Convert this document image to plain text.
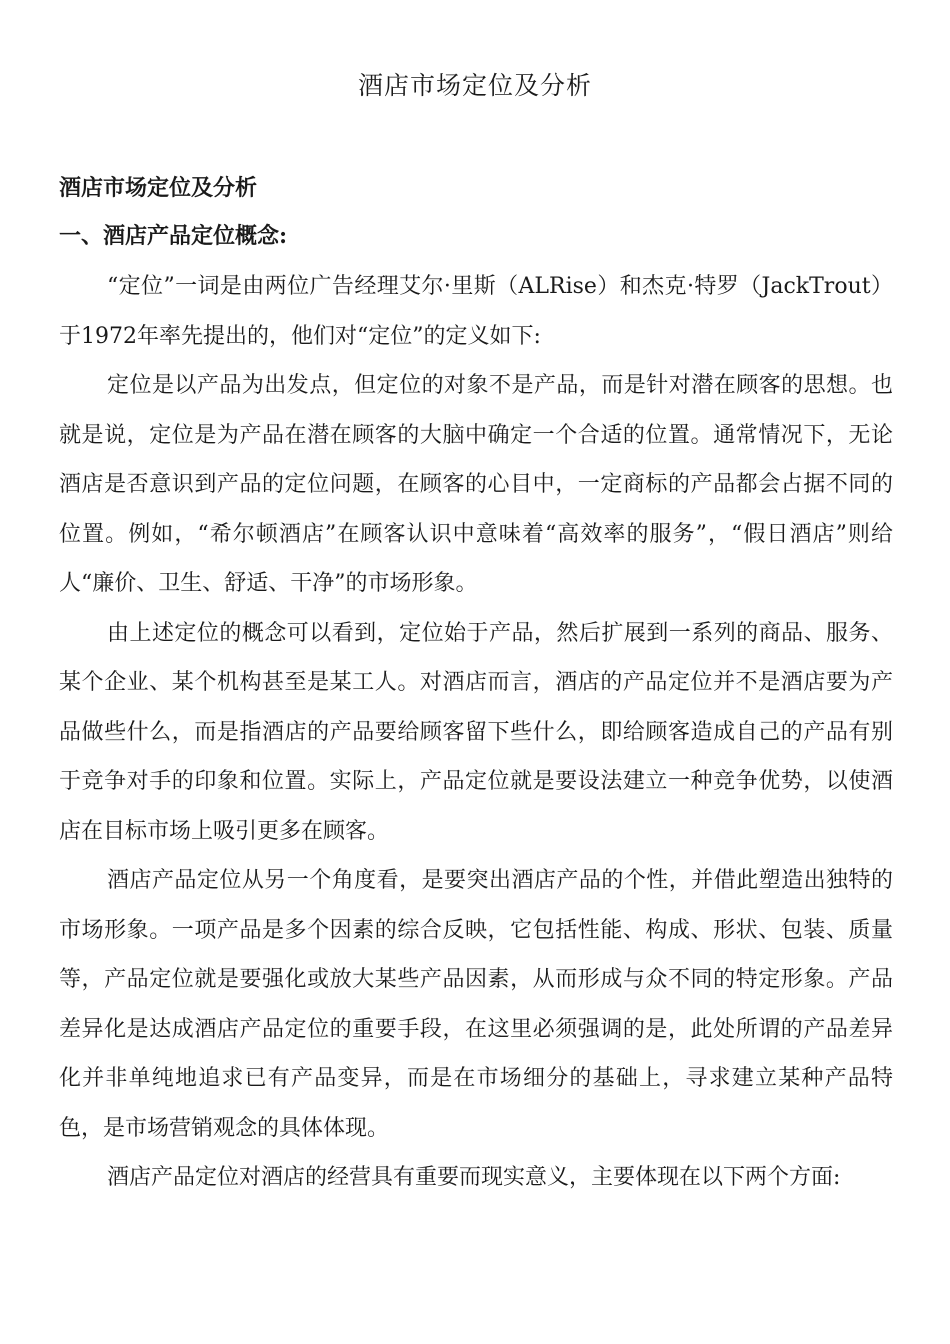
酒店市场定位及分析
酒店市场定位及分析
一、酒店产品定位概念:

“定位”一词是由两位广告经理艾尔·里斯（ALRise）和杰克·特罗（JackTrout）于1972年率先提出的，他们对“定位”的定义如下:

定位是以产品为出发点，但定位的对象不是产品，而是针对潜在顾客的思想。也就是说，定位是为产品在潜在顾客的大脑中确定一个合适的位置。通常情况下，无论酒店是否意识到产品的定位问题，在顾客的心目中，一定商标的产品都会占据不同的位置。例如，“希尔顿酒店”在顾客认识中意味着“高效率的服务”，“假日酒店”则给人“廉价、卫生、舒适、干净”的市场形象。

由上述定位的概念可以看到，定位始于产品，然后扩展到一系列的商品、服务、某个企业、某个机构甚至是某工人。对酒店而言，酒店的产品定位并不是酒店要为产品做些什么，而是指酒店的产品要给顾客留下些什么，即给顾客造成自己的产品有别于竞争对手的印象和位置。实际上，产品定位就是要设法建立一种竞争优势，以使酒店在目标市场上吸引更多在顾客。

酒店产品定位从另一个角度看，是要突出酒店产品的个性，并借此塑造出独特的市场形象。一项产品是多个因素的综合反映，它包括性能、构成、形状、包装、质量等，产品定位就是要强化或放大某些产品因素，从而形成与众不同的特定形象。产品差异化是达成酒店产品定位的重要手段，在这里必须强调的是，此处所谓的产品差异化并非单纯地追求已有产品变异，而是在市场细分的基础上，寻求建立某种产品特色，是市场营销观念的具体体现。

酒店产品定位对酒店的经营具有重要而现实意义，主要体现在以下两个方面:
